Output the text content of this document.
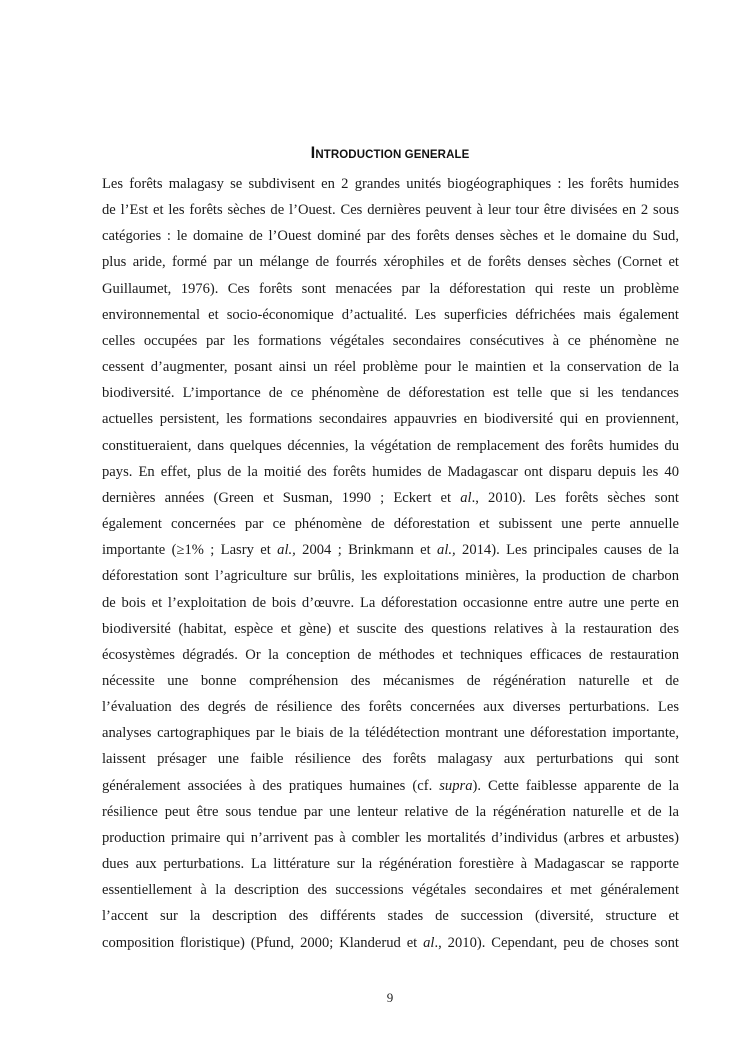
INTRODUCTION GENERALE
Les forêts malagasy se subdivisent en 2 grandes unités biogéographiques : les forêts humides
de l’Est et les forêts sèches de l’Ouest. Ces dernières peuvent à leur tour être divisées en 2 sous
catégories : le domaine de l’Ouest dominé par des forêts denses sèches et le domaine du Sud,
plus aride, formé par un mélange de fourrés xérophiles et de forêts denses sèches (Cornet et
Guillaumet, 1976). Ces forêts sont menacées par la déforestation qui reste un problème
environnemental et socio-économique d’actualité. Les superficies défrichées mais également
celles occupées par les formations végétales secondaires consécutives à ce phénomène ne
cessent d’augmenter, posant ainsi un réel problème pour le maintien et la conservation de la
biodiversité. L’importance de ce phénomène de déforestation est telle que si les tendances
actuelles persistent, les formations secondaires appauvries en biodiversité qui en proviennent,
constitueraient, dans quelques décennies, la végétation de remplacement des forêts humides du
pays. En effet, plus de la moitié des forêts humides de Madagascar ont disparu depuis les 40
dernières années (Green et Susman, 1990 ; Eckert et al., 2010). Les forêts sèches sont
également concernées par ce phénomène de déforestation et subissent une perte annuelle
importante (≥1% ; Lasry et al., 2004 ; Brinkmann et al., 2014). Les principales causes de la
déforestation sont l’agriculture sur brûlis, les exploitations minières, la production de charbon
de bois et l’exploitation de bois d’œuvre. La déforestation occasionne entre autre une perte en
biodiversité (habitat, espèce et gène) et suscite des questions relatives à la restauration des
écosystèmes dégradés. Or la conception de méthodes et techniques efficaces de restauration
nécessite une bonne compréhension des mécanismes de régénération naturelle et de
l’évaluation des degrés de résilience des forêts concernées aux diverses perturbations. Les
analyses cartographiques par le biais de la télédétection montrant une déforestation importante,
laissent présager une faible résilience des forêts malagasy aux perturbations qui sont
généralement associées à des pratiques humaines (cf. supra). Cette faiblesse apparente de la
résilience peut être sous tendue par une lenteur relative de la régénération naturelle et de la
production primaire qui n’arrivent pas à combler les mortalités d’individus (arbres et arbustes)
dues aux perturbations. La littérature sur la régénération forestière à Madagascar se rapporte
essentiellement à la description des successions végétales secondaires et met généralement
l’accent sur la description des différents stades de succession (diversité, structure et
composition floristique) (Pfund, 2000; Klanderud et al., 2010). Cependant, peu de choses sont
9
